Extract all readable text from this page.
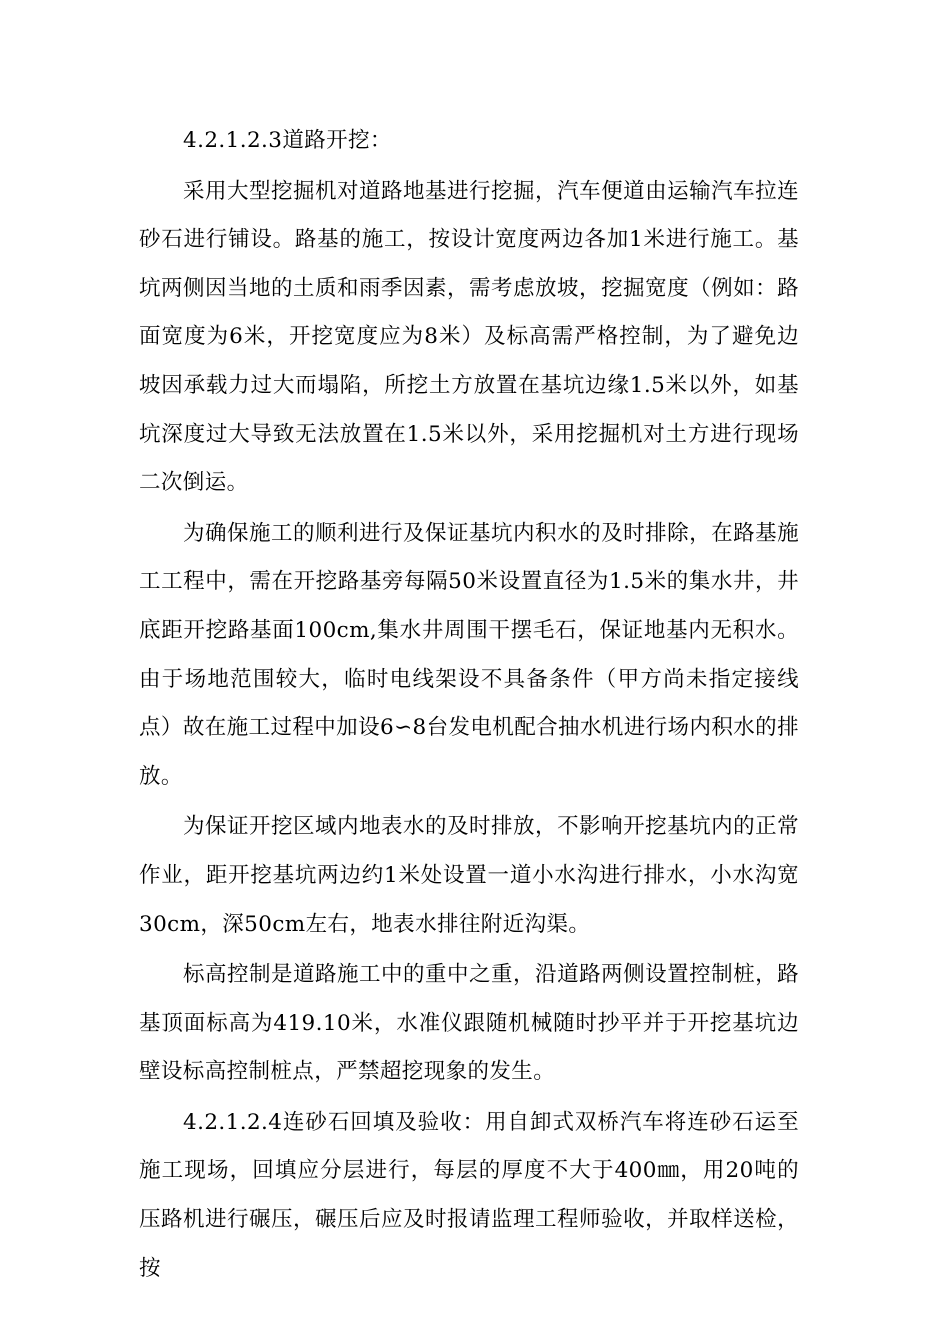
4.2.1.2.3道路开挖：

采用大型挖掘机对道路地基进行挖掘，汽车便道由运输汽车拉连砂石进行铺设。路基的施工，按设计宽度两边各加1米进行施工。基坑两侧因当地的土质和雨季因素，需考虑放坡，挖掘宽度（例如：路面宽度为6米，开挖宽度应为8米）及标高需严格控制，为了避免边坡因承载力过大而塌陷，所挖土方放置在基坑边缘1.5米以外，如基坑深度过大导致无法放置在1.5米以外，采用挖掘机对土方进行现场二次倒运。

为确保施工的顺利进行及保证基坑内积水的及时排除，在路基施工工程中，需在开挖路基旁每隔50米设置直径为1.5米的集水井，井底距开挖路基面100cm,集水井周围干摆毛石，保证地基内无积水。由于场地范围较大，临时电线架设不具备条件（甲方尚未指定接线点）故在施工过程中加设6∽8台发电机配合抽水机进行场内积水的排放。

为保证开挖区域内地表水的及时排放，不影响开挖基坑内的正常作业，距开挖基坑两边约1米处设置一道小水沟进行排水，小水沟宽30cm，深50cm左右，地表水排往附近沟渠。

标高控制是道路施工中的重中之重，沿道路两侧设置控制桩，路基顶面标高为419.10米，水准仪跟随机械随时抄平并于开挖基坑边壁设标高控制桩点，严禁超挖现象的发生。

4.2.1.2.4连砂石回填及验收：用自卸式双桥汽车将连砂石运至施工现场，回填应分层进行，每层的厚度不大于400㎜，用20吨的压路机进行碾压，碾压后应及时报请监理工程师验收，并取样送检，按
